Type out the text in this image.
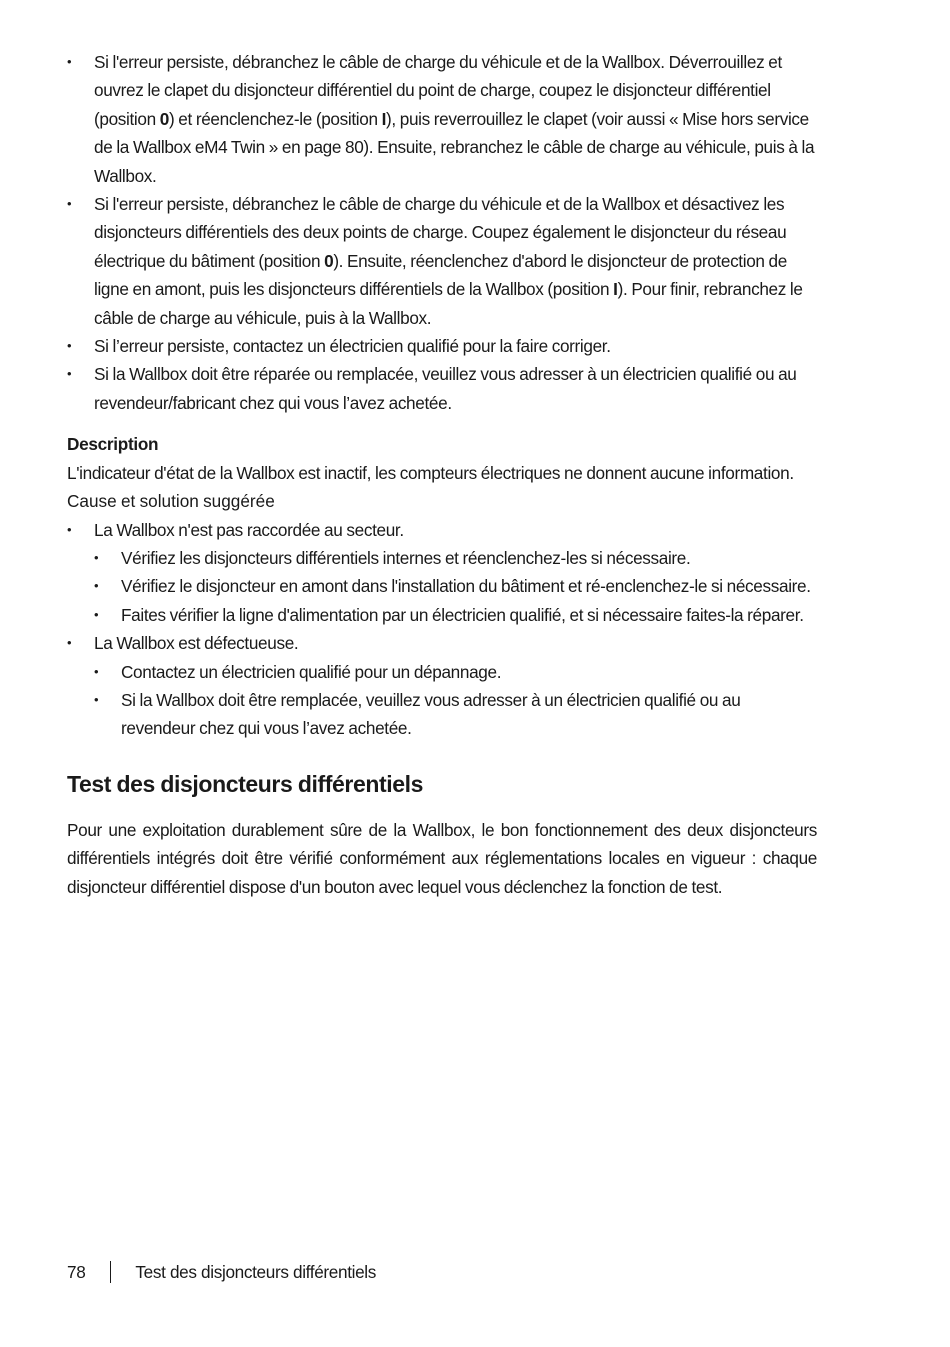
• Si l'erreur persiste, débranchez le câble de charge du véhicule et de la Wallbox. Déverrouillez et ouvrez le clapet du disjoncteur différentiel du point de charge, coupez le disjoncteur différentiel (position 0) et réenclenchez-le (position I), puis reverrouillez le clapet (voir aussi « Mise hors service de la Wallbox eM4 Twin » en page 80). Ensuite, rebranchez le câble de charge au véhicule, puis à la Wallbox.
• Si l'erreur persiste, débranchez le câble de charge du véhicule et de la Wallbox et désactivez les disjoncteurs différentiels des deux points de charge. Coupez également le disjoncteur du réseau électrique du bâtiment (position 0). Ensuite, réenclenchez d'abord le disjoncteur de protection de ligne en amont, puis les disjoncteurs différentiels de la Wallbox (position I). Pour finir, rebranchez le câble de charge au véhicule, puis à la Wallbox.
• Si l’erreur persiste, contactez un électricien qualifié pour la faire corriger.
• Si la Wallbox doit être réparée ou remplacée, veuillez vous adresser à un électricien qualifié ou au revendeur/fabricant chez qui vous l’avez achetée.
Description
L'indicateur d'état de la Wallbox est inactif, les compteurs électriques ne donnent aucune information.
Cause et solution suggérée
• La Wallbox n'est pas raccordée au secteur.
• Vérifiez les disjoncteurs différentiels internes et réenclenchez-les si nécessaire.
• Vérifiez le disjoncteur en amont dans l'installation du bâtiment et ré-enclenchez-le si nécessaire.
• Faites vérifier la ligne d'alimentation par un électricien qualifié, et si nécessaire faites-la réparer.
• La Wallbox est défectueuse.
• Contactez un électricien qualifié pour un dépannage.
• Si la Wallbox doit être remplacée, veuillez vous adresser à un électricien qualifié ou au revendeur chez qui vous l’avez achetée.
Test des disjoncteurs différentiels
Pour une exploitation durablement sûre de la Wallbox, le bon fonctionnement des deux disjoncteurs différentiels intégrés doit être vérifié conformément aux réglementations locales en vigueur : chaque disjoncteur différentiel dispose d'un bouton avec lequel vous déclenchez la fonction de test.
78	Test des disjoncteurs différentiels
